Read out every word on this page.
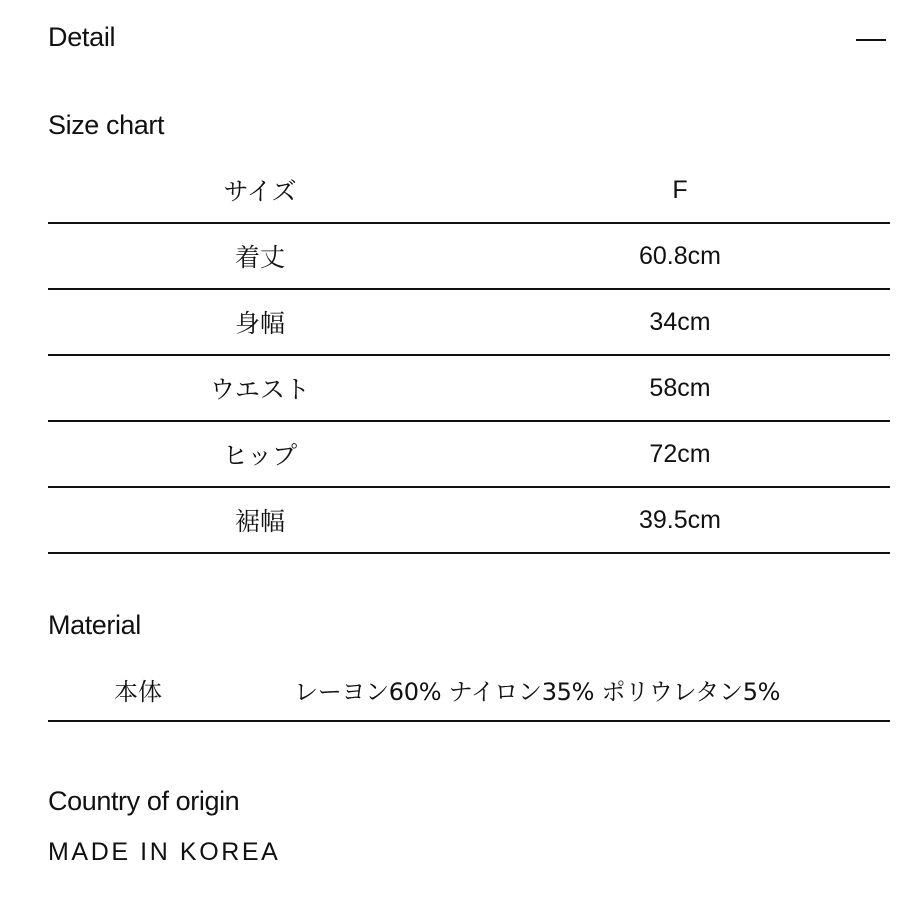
Detail
Size chart
サイズ	F
着丈	60.8cm
身幅	34cm
ウエスト	58cm
ヒップ	72cm
裾幅	39.5cm
Material
本体	レーヨン60% ナイロン35% ポリウレタン5%
Country of origin
MADE IN KOREA
